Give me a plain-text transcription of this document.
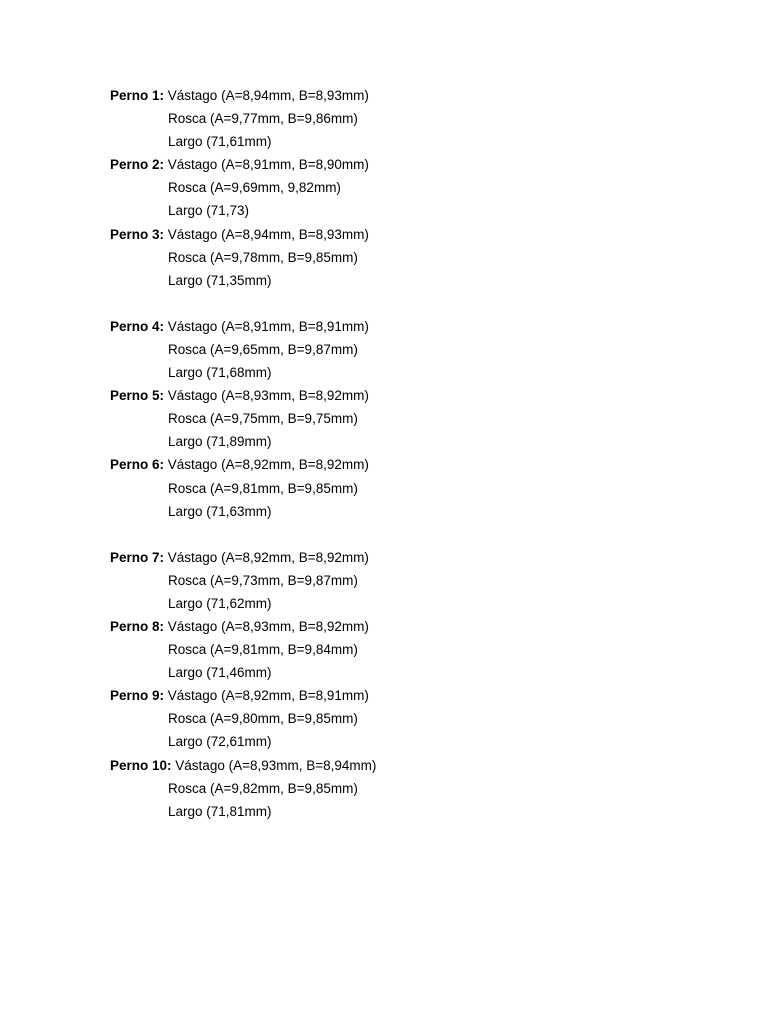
Perno 1: Vástago (A=8,94mm, B=8,93mm)
Rosca (A=9,77mm, B=9,86mm)
Largo (71,61mm)
Perno 2: Vástago (A=8,91mm, B=8,90mm)
Rosca (A=9,69mm, 9,82mm)
Largo (71,73)
Perno 3: Vástago (A=8,94mm, B=8,93mm)
Rosca (A=9,78mm, B=9,85mm)
Largo (71,35mm)
Perno 4: Vástago (A=8,91mm, B=8,91mm)
Rosca (A=9,65mm, B=9,87mm)
Largo (71,68mm)
Perno 5: Vástago (A=8,93mm, B=8,92mm)
Rosca (A=9,75mm, B=9,75mm)
Largo (71,89mm)
Perno 6: Vástago (A=8,92mm, B=8,92mm)
Rosca (A=9,81mm, B=9,85mm)
Largo (71,63mm)
Perno 7: Vástago (A=8,92mm, B=8,92mm)
Rosca (A=9,73mm, B=9,87mm)
Largo (71,62mm)
Perno 8: Vástago (A=8,93mm, B=8,92mm)
Rosca (A=9,81mm, B=9,84mm)
Largo (71,46mm)
Perno 9: Vástago (A=8,92mm, B=8,91mm)
Rosca (A=9,80mm, B=9,85mm)
Largo (72,61mm)
Perno 10: Vástago (A=8,93mm, B=8,94mm)
Rosca (A=9,82mm, B=9,85mm)
Largo (71,81mm)
